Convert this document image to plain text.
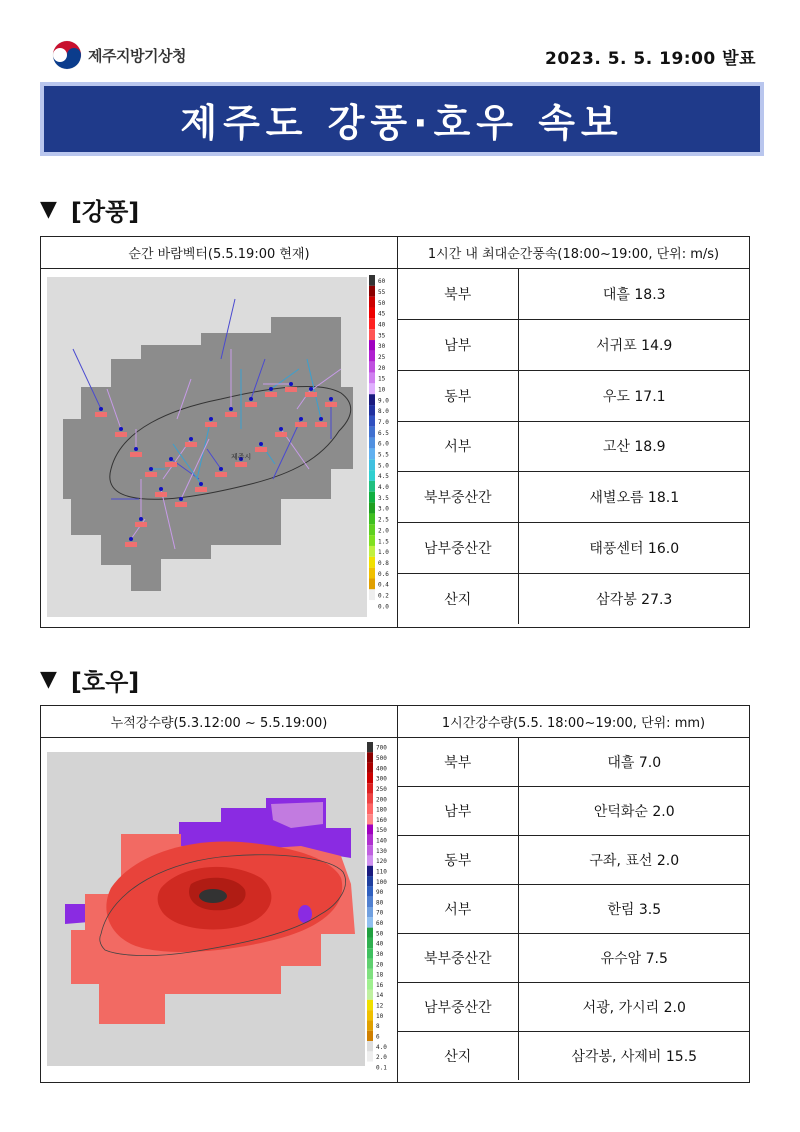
제주지방기상청	2023. 5. 5. 19:00 발표
제주도 강풍·호우 속보
▼ [강풍]
순간 바람벡터(5.5.19:00 현재)	1시간 내 최대순간풍속(18:00~19:00, 단위: m/s)
제주시
60
55
50
45
40
35
30
25
20
15
10
9.0
8.0
7.0
6.5
6.0
5.5
5.0
4.5
4.0
3.5
3.0
2.5
2.0
1.5
1.0
0.8
0.6
0.4
0.2
0.0
북부	대흘 18.3
남부	서귀포 14.9
동부	우도 17.1
서부	고산 18.9
북부중산간	새별오름 18.1
남부중산간	태풍센터 16.0
산지	삼각봉 27.3
▼ [호우]
누적강수량(5.3.12:00 ~ 5.5.19:00)	1시간강수량(5.5. 18:00~19:00, 단위: mm)
700
500
400
300
250
200
180
160
150
140
130
120
110
100
90
80
70
60
50
40
30
20
18
16
14
12
10
8
6
4.0
2.0
0.1
북부	대흘 7.0
남부	안덕화순 2.0
동부	구좌, 표선 2.0
서부	한림 3.5
북부중산간	유수암 7.5
남부중산간	서광, 가시리 2.0
산지	삼각봉, 사제비 15.5
